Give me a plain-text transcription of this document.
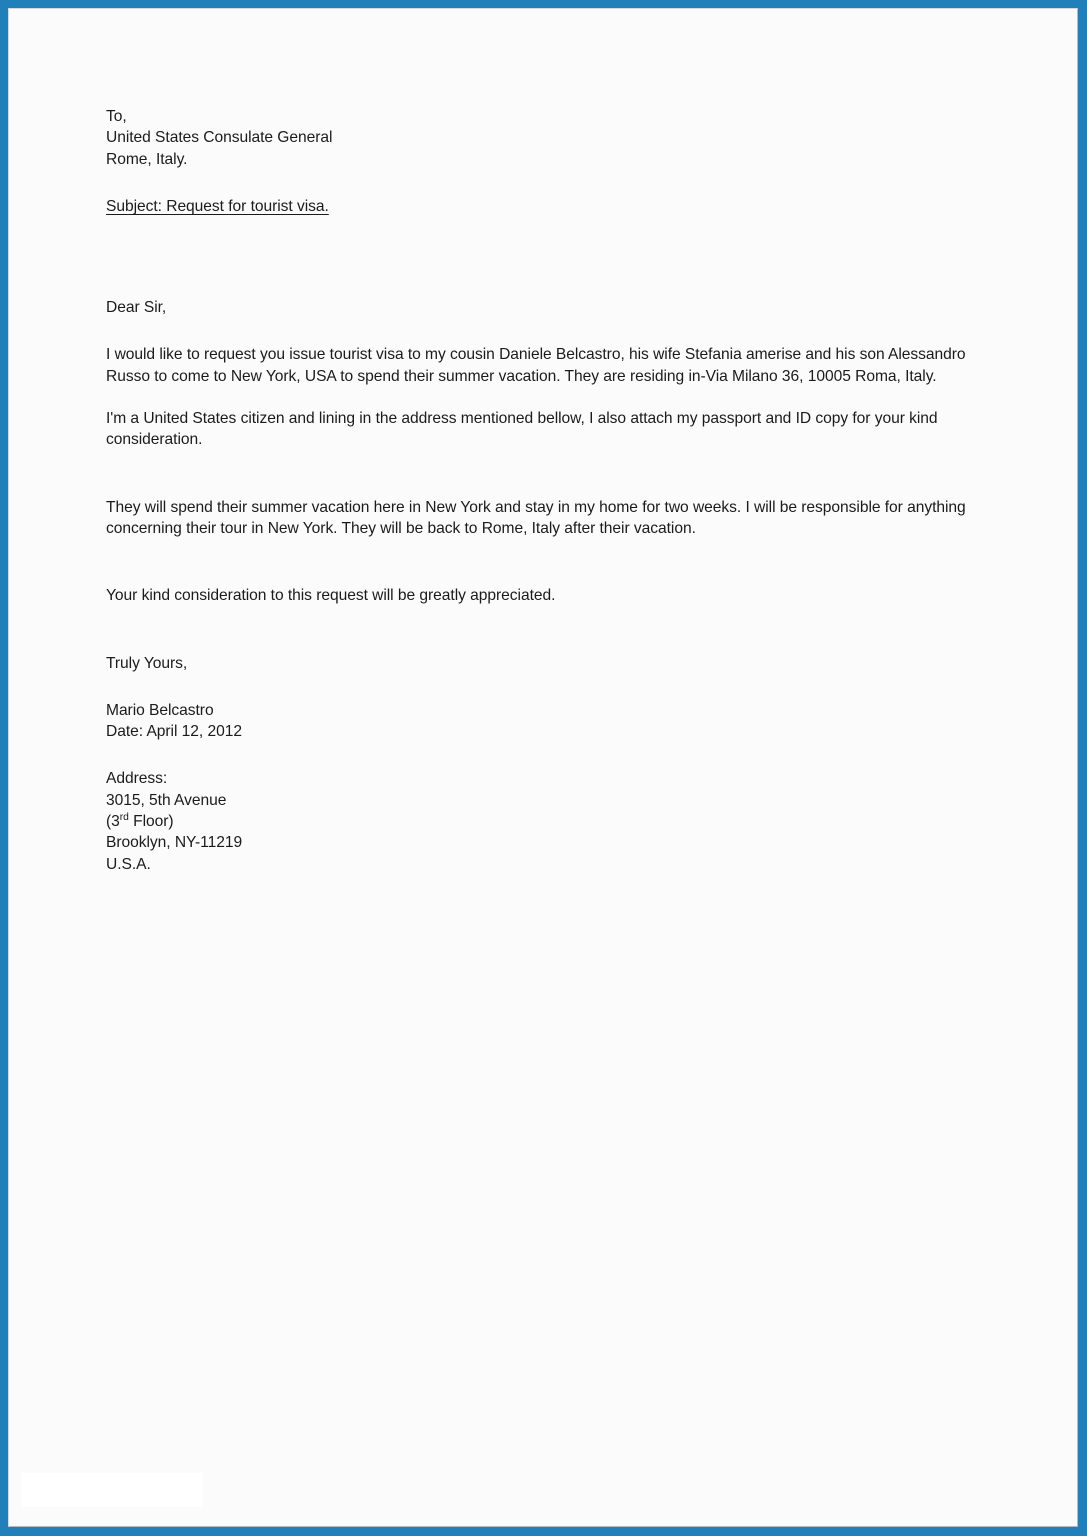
To,
United States Consulate General
Rome, Italy.
Subject: Request for tourist visa.
Dear Sir,

I would like to request you issue tourist visa to my cousin Daniele Belcastro, his wife Stefania amerise and his son Alessandro Russo to come to New York, USA to spend their summer vacation. They are residing in-Via Milano 36, 10005 Roma, Italy.

I'm a United States citizen and lining in the address mentioned bellow, I also attach my passport and ID copy for your kind consideration.

They will spend their summer vacation here in New York and stay in my home for two weeks. I will be responsible for anything concerning their tour in New York. They will be back to Rome, Italy after their vacation.

Your kind consideration to this request will be greatly appreciated.

Truly Yours,
Mario Belcastro
Date: April 12, 2012
Address:
3015, 5th Avenue
(3rd Floor)
Brooklyn, NY-11219
U.S.A.
